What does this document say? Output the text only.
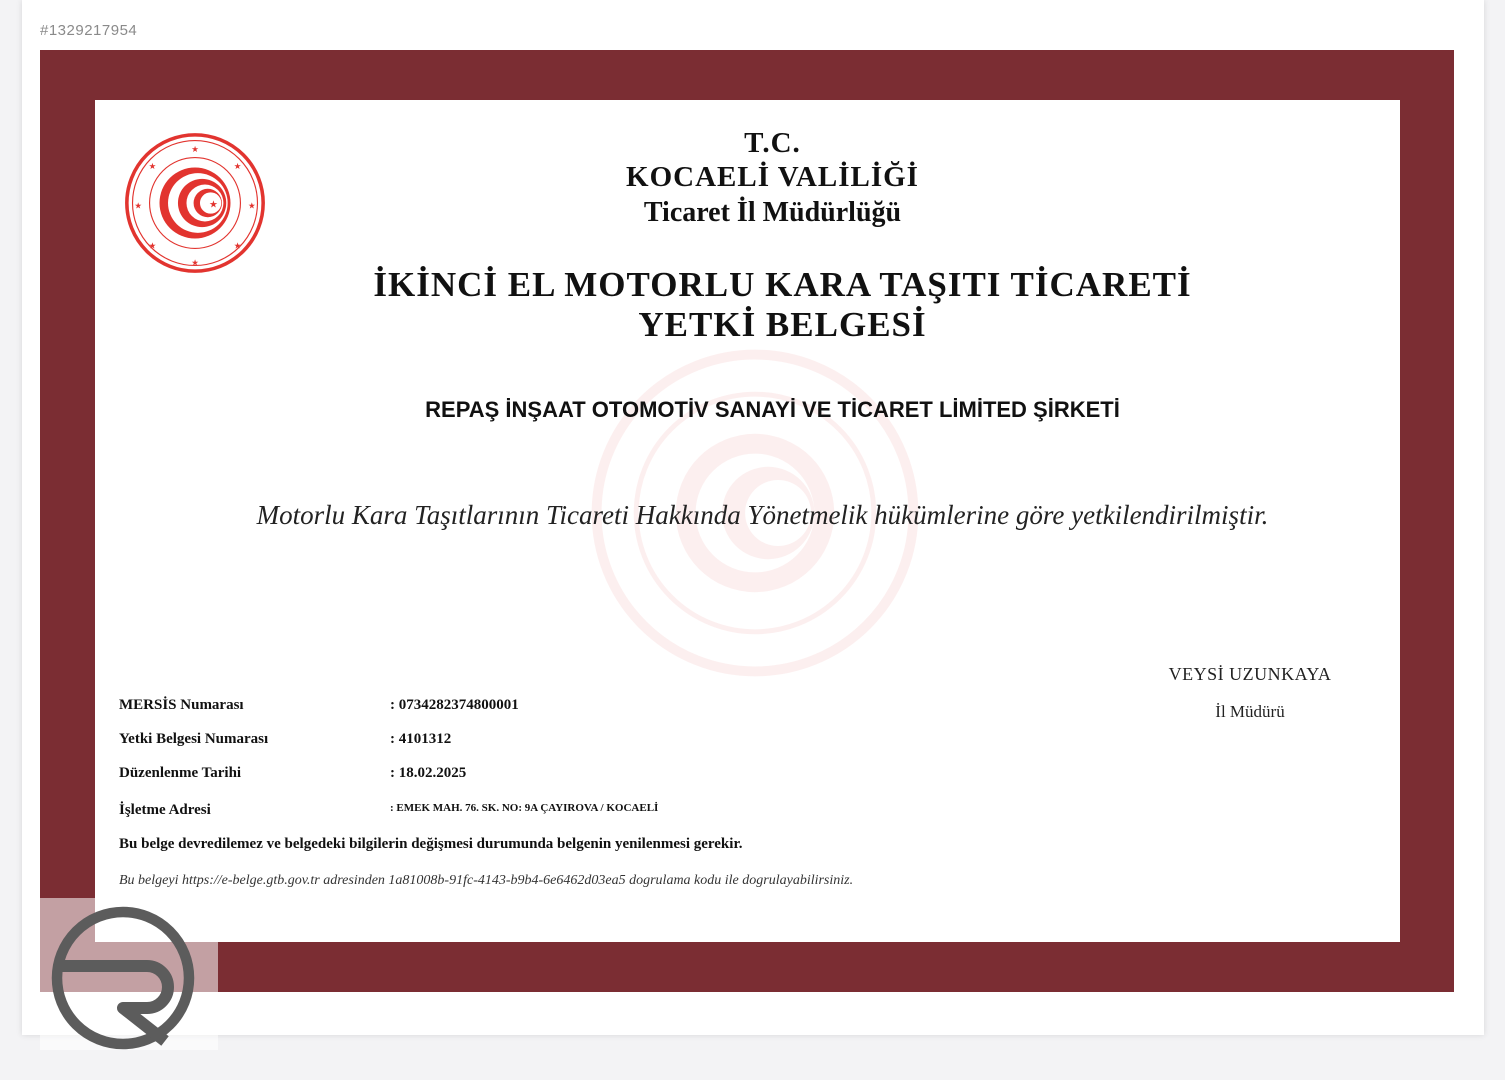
#1329217954
★
★
★
★
★
★
★
★
★
T.C.
KOCAELİ VALİLİĞİ
Ticaret İl Müdürlüğü
İKİNCİ EL MOTORLU KARA TAŞITI TİCARETİ
YETKİ BELGESİ
REPAŞ İNŞAAT OTOMOTİV SANAYİ VE TİCARET LİMİTED ŞİRKETİ
Motorlu Kara Taşıtlarının Ticareti Hakkında Yönetmelik hükümlerine göre yetkilendirilmiştir.
VEYSİ UZUNKAYA
İl Müdürü
MERSİS Numarası	: 0734282374800001
Yetki Belgesi Numarası	: 4101312
Düzenlenme Tarihi	: 18.02.2025
İşletme Adresi	: EMEK MAH. 76. SK. NO: 9A ÇAYIROVA / KOCAELİ
Bu belge devredilemez ve belgedeki bilgilerin değişmesi durumunda belgenin yenilenmesi gerekir.
Bu belgeyi https://e-belge.gtb.gov.tr adresinden 1a81008b-91fc-4143-b9b4-6e6462d03ea5 dogrulama kodu ile dogrulayabilirsiniz.
